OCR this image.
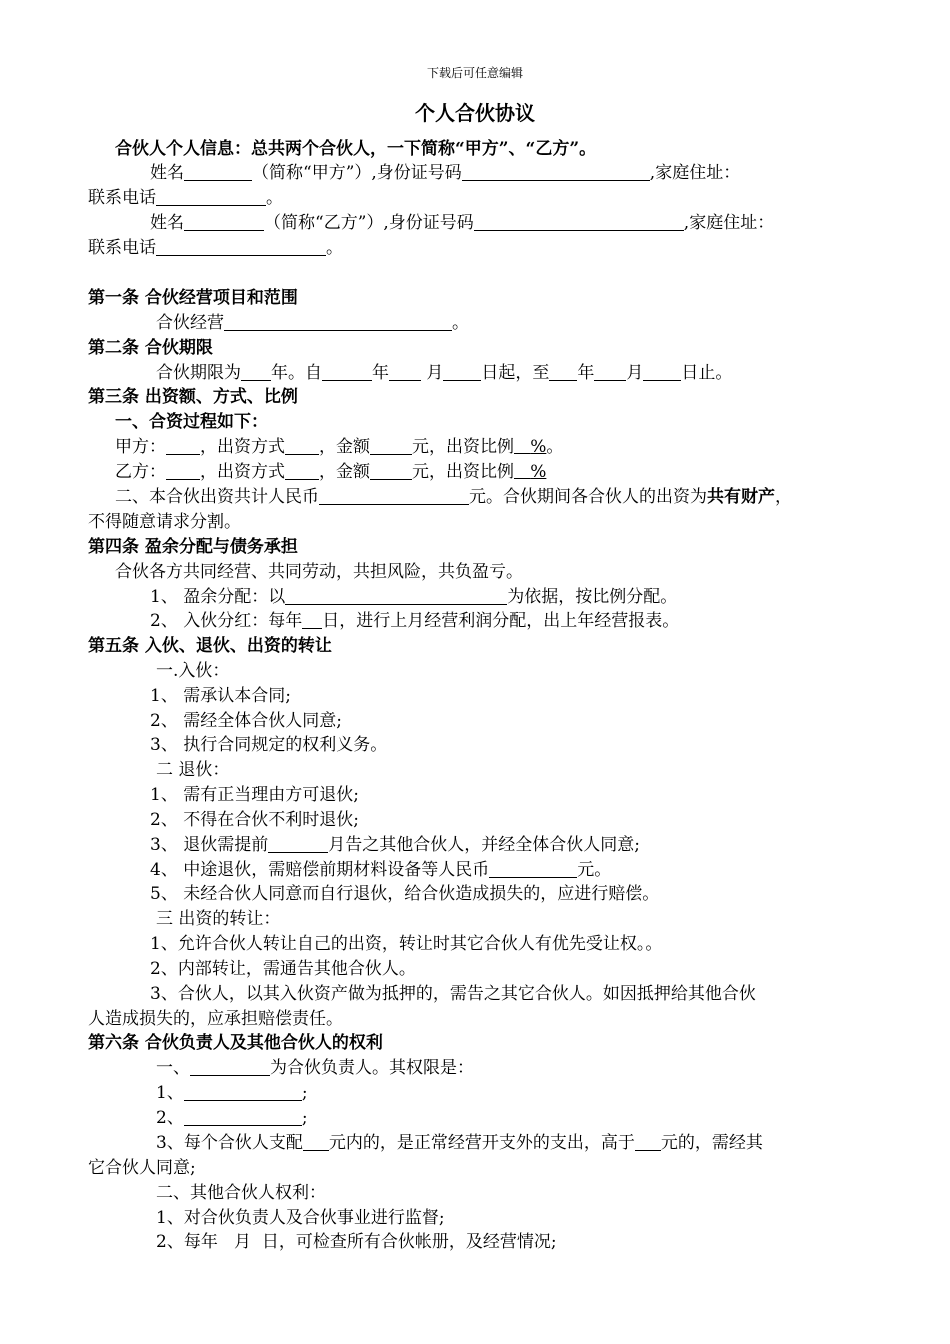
下载后可任意编辑
个人合伙协议
合伙人个人信息：总共两个合伙人，一下简称“甲方”、“乙方”。
姓名	（简称“甲方”）,身份证号码	,家庭住址：
联系电话	。
姓名	（简称“乙方”）,身份证号码	,家庭住址：
联系电话	。
第一条 合伙经营项目和范围
合伙经营	。
第二条 合伙期限
合伙期限为 年。自	年 月 日起，至 年 月 日止。
第三条 出资额、方式、比例
一、合资过程如下：
甲方： ，出资方式 ，金额 元，出资比例 %。
乙方： ，出资方式 ，金额 元，出资比例 %
二、本合伙出资共计人民币	元。合伙期间各合伙人的出资为共有财产，
不得随意请求分割。
第四条 盈余分配与债务承担
合伙各方共同经营、共同劳动，共担风险，共负盈亏。
1、 盈余分配：以	为依据，按比例分配。
2、 入伙分红：每年 日，进行上月经营利润分配，出上年经营报表。
第五条 入伙、退伙、出资的转让
一.入伙：
1、 需承认本合同;
2、 需经全体合伙人同意;
3、 执行合同规定的权利义务。
二 退伙：
1、 需有正当理由方可退伙;
2、 不得在合伙不利时退伙;
3、 退伙需提前	月告之其他合伙人，并经全体合伙人同意;
4、 中途退伙，需赔偿前期材料设备等人民币	元。
5、 未经合伙人同意而自行退伙，给合伙造成损失的，应进行赔偿。
三 出资的转让：
1、允许合伙人转让自己的出资，转让时其它合伙人有优先受让权。。
2、内部转让，需通告其他合伙人。
3、合伙人，以其入伙资产做为抵押的，需告之其它合伙人。如因抵押给其他合伙
人造成损失的，应承担赔偿责任。
第六条 合伙负责人及其他合伙人的权利
一、	为合伙负责人。其权限是：
1、	;
2、	;
3、每个合伙人支配 元内的，是正常经营开支外的支出，高于 元的，需经其
它合伙人同意;
二、其他合伙人权利：
1、对合伙负责人及合伙事业进行监督;
2、每年   月  日，可检查所有合伙帐册，及经营情况;
